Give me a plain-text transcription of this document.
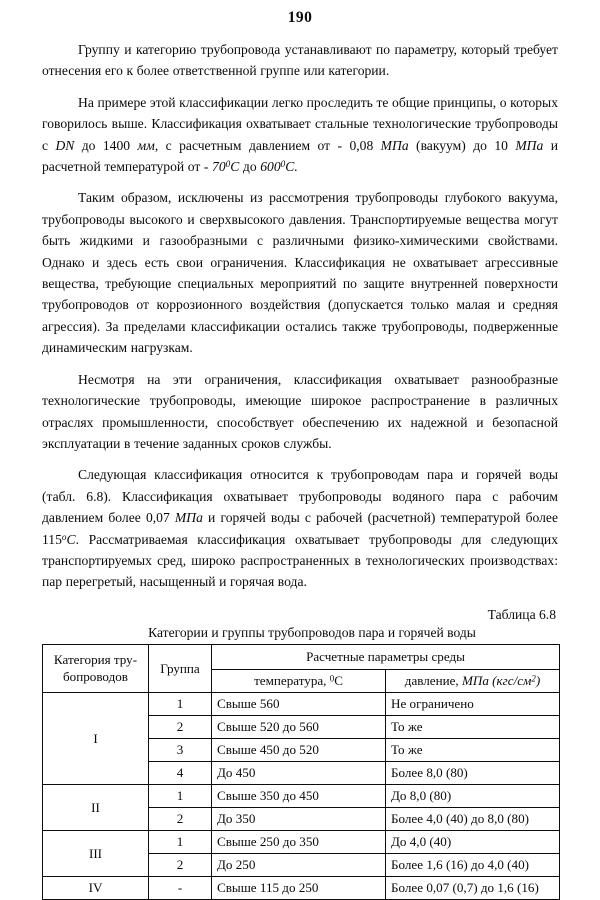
190

Группу и категорию трубопровода устанавливают по параметру, который требует отнесения его к более ответственной группе или категории.

На примере этой классификации легко проследить те общие принципы, о которых говорилось выше. Классификация охватывает стальные технологические трубопроводы с DN до 1400 мм, с расчетным давлением от - 0,08 МПа (вакуум) до 10 МПа и расчетной температурой от - $70^0С$ до $600^0С$.

Таким образом, исключены из рассмотрения трубопроводы глубокого вакуума, трубопроводы высокого и сверхвысокого давления. Транспортируемые вещества могут быть жидкими и газообразными с различными физико-химическими свойствами. Однако и здесь есть свои ограничения. Классификация не охватывает агрессивные вещества, требующие специальных мероприятий по защите внутренней поверхности трубопроводов от коррозионного воздействия (допускается только малая и средняя агрессия). За пределами классификации остались также трубопроводы, подверженные динамическим нагрузкам.

Несмотря на эти ограничения, классификация охватывает разнообразные технологические трубопроводы, имеющие широкое распространение в различных отраслях промышленности, способствует обеспечению их надежной и безопасной эксплуатации в течение заданных сроков службы.

Следующая классификация относится к трубопроводам пара и горячей воды (табл. 6.8). Классификация охватывает трубопроводы водяного пара с рабочим давлением более 0,07 МПа и горячей воды с рабочей (расчетной) температурой более $115^оС$. Рассматриваемая классификация охватывает трубопроводы для следующих транспортируемых сред, широко распространенных в технологических производствах: пар перегретый, насыщенный и горячая вода.

Таблица 6.8
Категории и группы трубопроводов пара и горячей воды
Категория тру-
бопроводов	Группа	Расчетные параметры среды	
		температура, $^0$С	давление, МПа $(кгс/см^2)$
I	1	Свыше 560	Не ограничено
	2	Свыше 520 до 560	То же
	3	Свыше 450 до 520	То же
	4	До 450	Более 8,0 (80)
II	1	Свыше 350 до 450	До 8,0 (80)
	2	До 350	Более 4,0 (40) до 8,0 (80)
III	1	Свыше 250 до 350	До 4,0 (40)
	2	До 250	Более 1,6 (16) до 4,0 (40)
IV	-	Свыше 115 до 250	Более 0,07 (0,7) до 1,6 (16)
